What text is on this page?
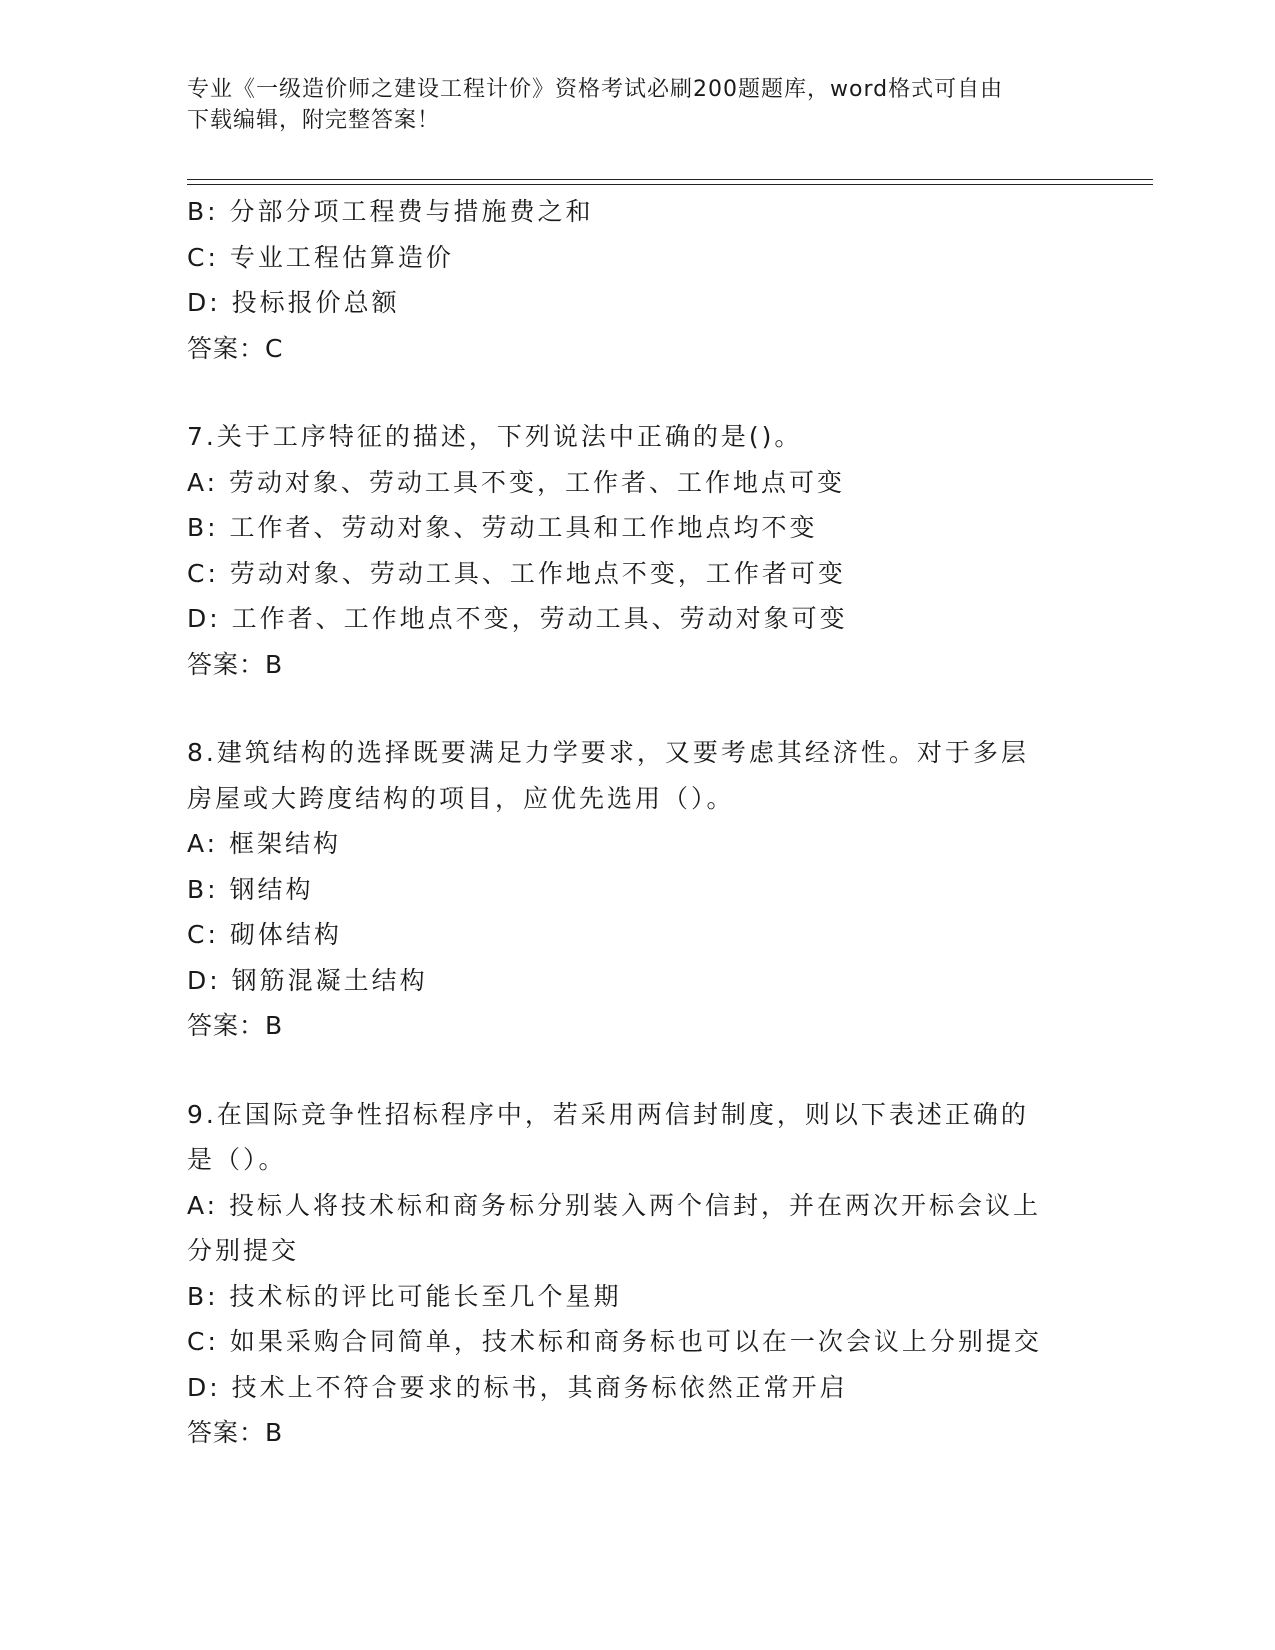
专业《一级造价师之建设工程计价》资格考试必刷200题题库，word格式可自由
下载编辑，附完整答案！
B: 分部分项工程费与措施费之和
C: 专业工程估算造价
D: 投标报价总额
答案：C
7.关于工序特征的描述，下列说法中正确的是()。
A: 劳动对象、劳动工具不变，工作者、工作地点可变
B: 工作者、劳动对象、劳动工具和工作地点均不变
C: 劳动对象、劳动工具、工作地点不变，工作者可变
D: 工作者、工作地点不变，劳动工具、劳动对象可变
答案：B
8.建筑结构的选择既要满足力学要求，又要考虑其经济性。对于多层
房屋或大跨度结构的项目，应优先选用（）。
A: 框架结构
B: 钢结构
C: 砌体结构
D: 钢筋混凝土结构
答案：B
9.在国际竞争性招标程序中，若采用两信封制度，则以下表述正确的
是（）。
A: 投标人将技术标和商务标分别装入两个信封，并在两次开标会议上
分别提交
B: 技术标的评比可能长至几个星期
C: 如果采购合同简单，技术标和商务标也可以在一次会议上分别提交
D: 技术上不符合要求的标书，其商务标依然正常开启
答案：B
